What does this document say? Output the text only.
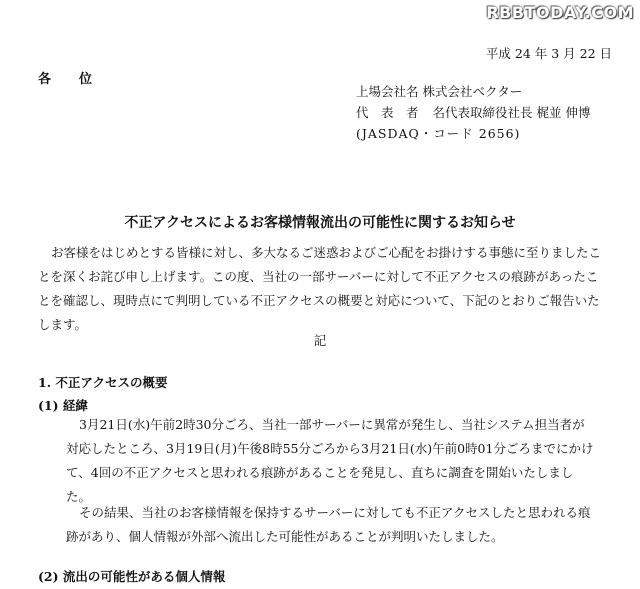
RBBTODAY.COM
平成 24 年 3 月 22 日
各位
上場会社名 株式会社ベクター
代　表　者 名代表取締役社長 梶並 伸博
(JASDAQ・コード 2656)
不正アクセスによるお客様情報流出の可能性に関するお知らせ
お客様をはじめとする皆様に対し、多大なるご迷惑およびご心配をお掛けする事態に至りましたことを深くお詫び申し上げます。この度、当社の一部サーバーに対して不正アクセスの痕跡があったことを確認し、現時点にて判明している不正アクセスの概要と対応について、下記のとおりご報告いたします。
記
1. 不正アクセスの概要
(1) 経緯
3月21日(水)午前2時30分ごろ、当社一部サーバーに異常が発生し、当社システム担当者が対応したところ、3月19日(月)午後8時55分ごろから3月21日(水)午前0時01分ごろまでにかけて、4回の不正アクセスと思われる痕跡があることを発見し、直ちに調査を開始いたしました。
その結果、当社のお客様情報を保持するサーバーに対しても不正アクセスしたと思われる痕跡があり、個人情報が外部へ流出した可能性があることが判明いたしました。
(2) 流出の可能性がある個人情報
